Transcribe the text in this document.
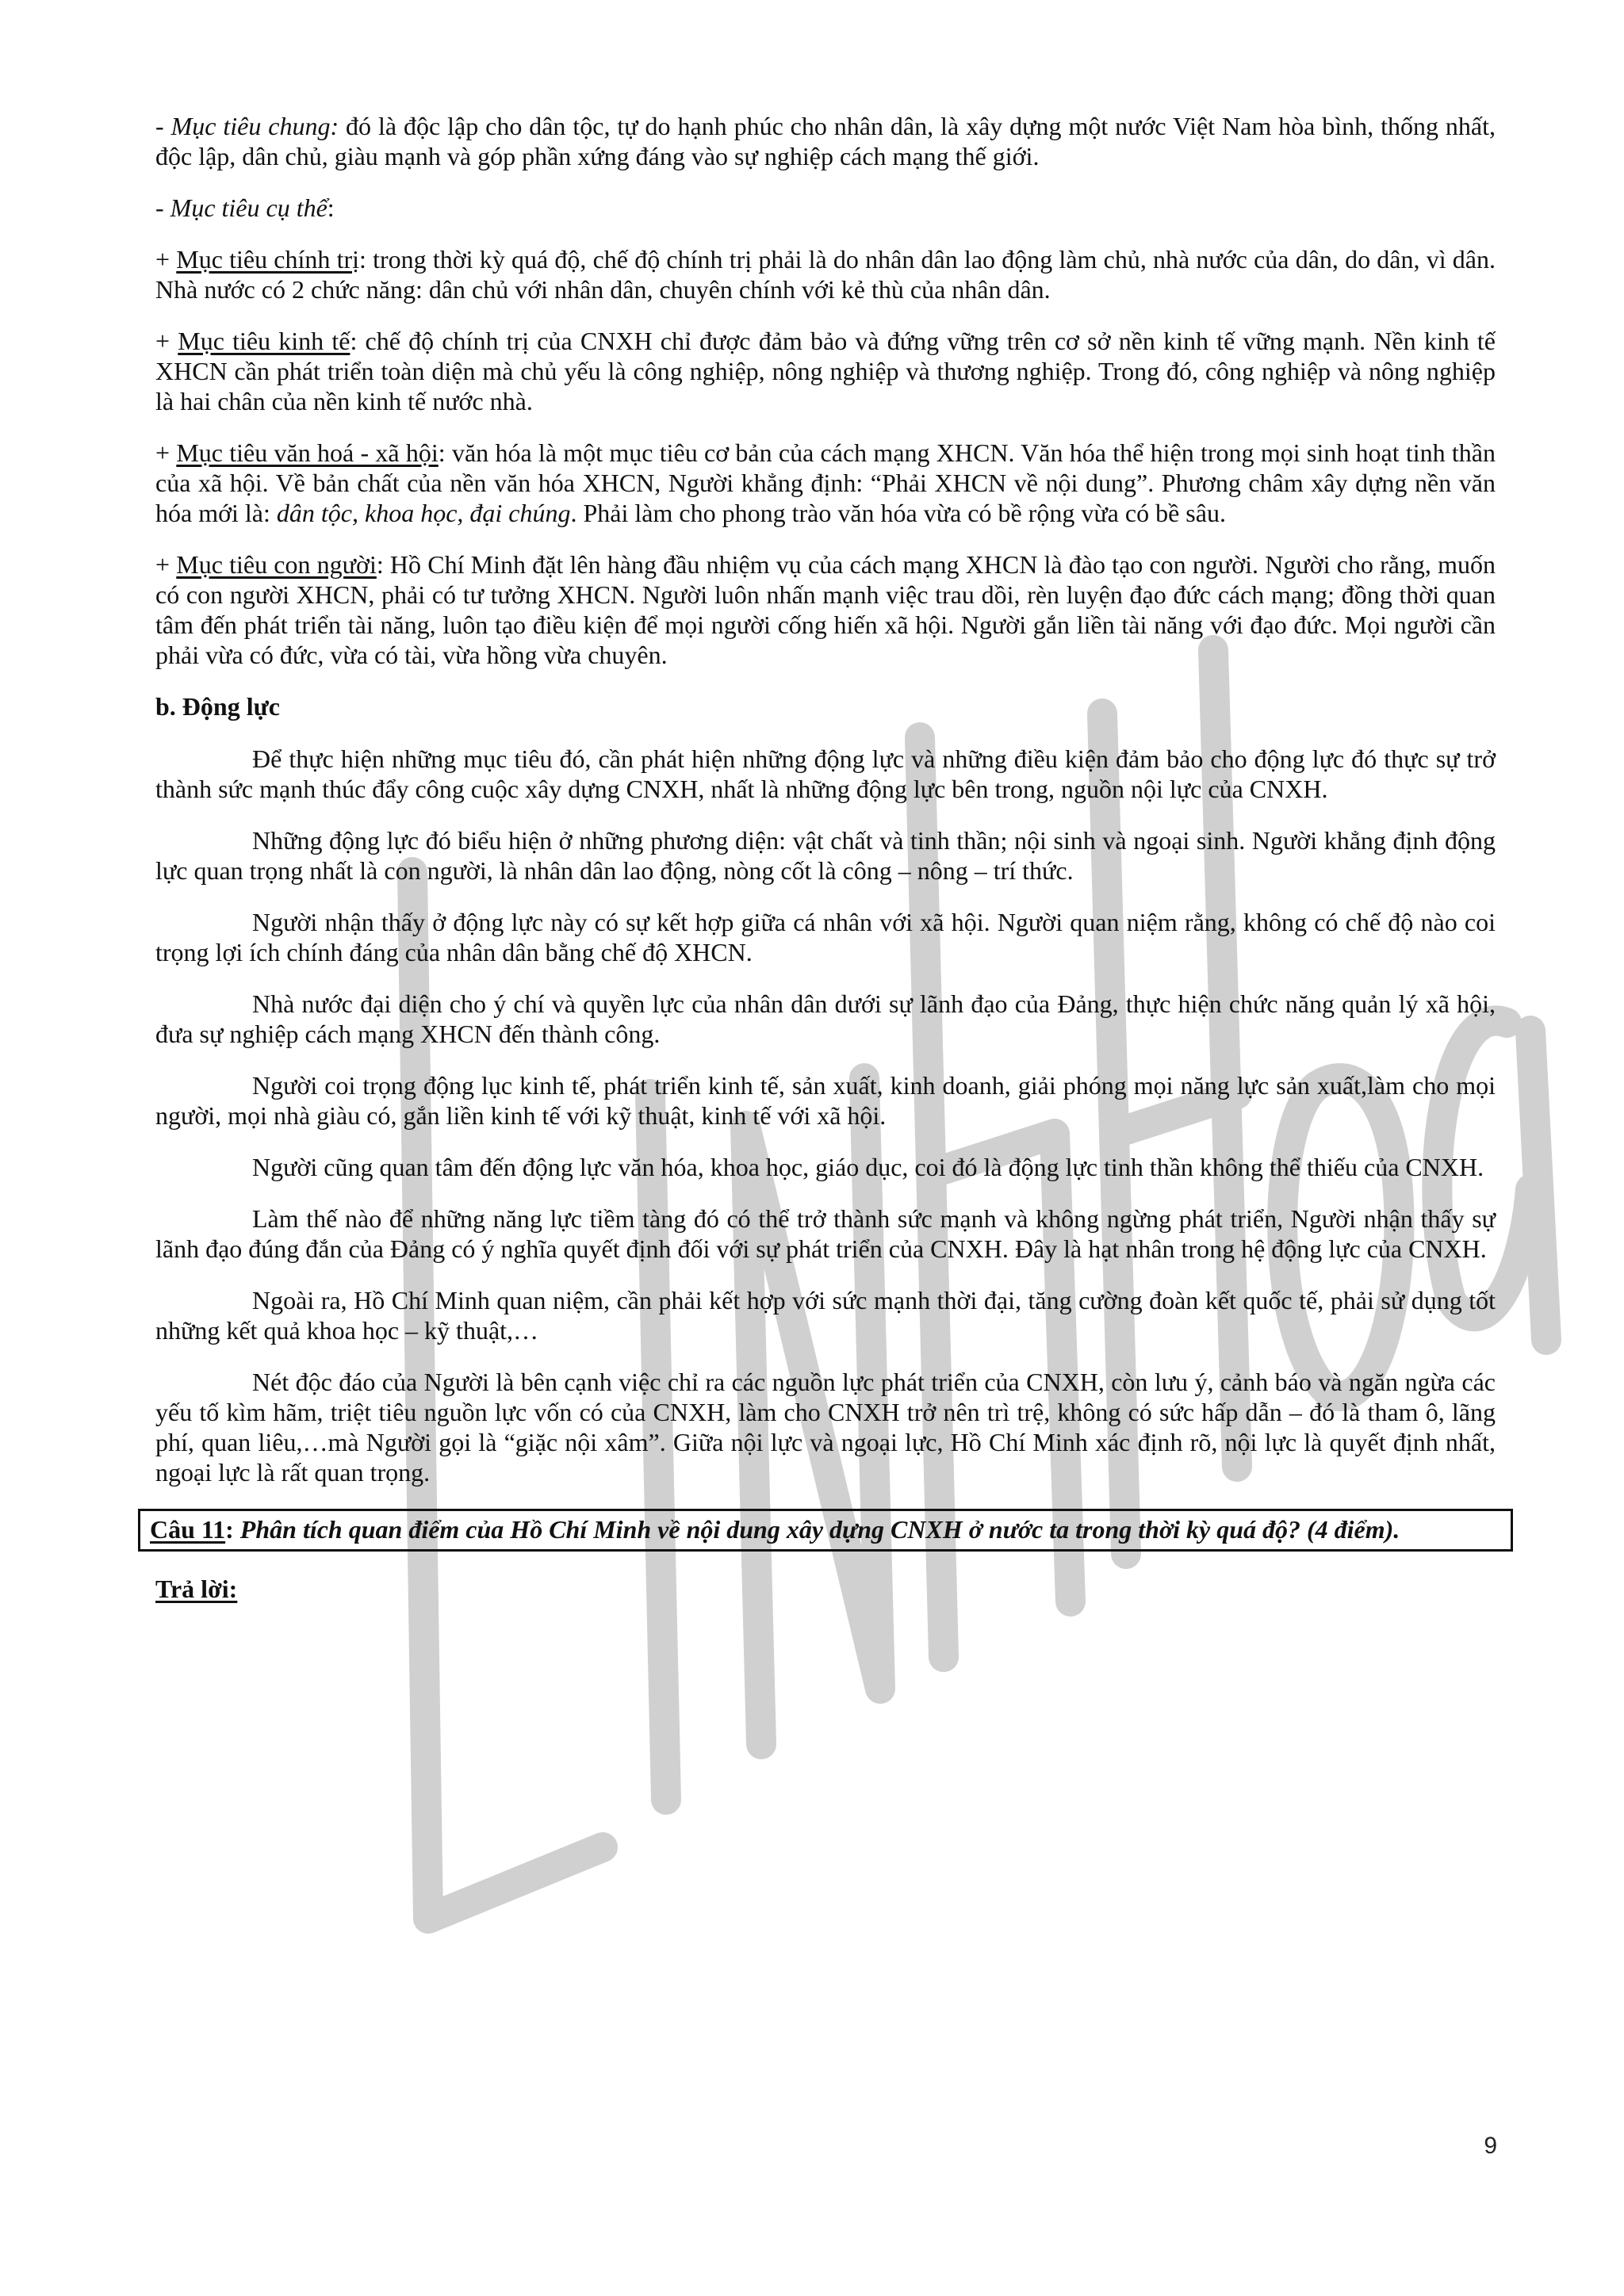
- Mục tiêu chung: đó là độc lập cho dân tộc, tự do hạnh phúc cho nhân dân, là xây dựng một nước Việt Nam hòa bình, thống nhất, độc lập, dân chủ, giàu mạnh và góp phần xứng đáng vào sự nghiệp cách mạng thế giới.

- Mục tiêu cụ thể:

+ Mục tiêu chính trị: trong thời kỳ quá độ, chế độ chính trị phải là do nhân dân lao động làm chủ, nhà nước của dân, do dân, vì dân. Nhà nước có 2 chức năng: dân chủ với nhân dân, chuyên chính với kẻ thù của nhân dân.

+ Mục tiêu kinh tế: chế độ chính trị của CNXH chỉ được đảm bảo và đứng vững trên cơ sở nền kinh tế vững mạnh. Nền kinh tế XHCN cần phát triển toàn diện mà chủ yếu là công nghiệp, nông nghiệp và thương nghiệp. Trong đó, công nghiệp và nông nghiệp là hai chân của nền kinh tế nước nhà.

+ Mục tiêu văn hoá - xã hội: văn hóa là một mục tiêu cơ bản của cách mạng XHCN. Văn hóa thể hiện trong mọi sinh hoạt tinh thần của xã hội. Về bản chất của nền văn hóa XHCN, Người khẳng định: “Phải XHCN về nội dung”. Phương châm xây dựng nền văn hóa mới là: dân tộc, khoa học, đại chúng. Phải làm cho phong trào văn hóa vừa có bề rộng vừa có bề sâu.

+ Mục tiêu con người: Hồ Chí Minh đặt lên hàng đầu nhiệm vụ của cách mạng XHCN là đào tạo con người. Người cho rằng, muốn có con người XHCN, phải có tư tưởng XHCN. Người luôn nhấn mạnh việc trau dồi, rèn luyện đạo đức cách mạng; đồng thời quan tâm đến phát triển tài năng, luôn tạo điều kiện để mọi người cống hiến xã hội. Người gắn liền tài năng với đạo đức. Mọi người cần phải vừa có đức, vừa có tài, vừa hồng vừa chuyên.

b. Động lực

Để thực hiện những mục tiêu đó, cần phát hiện những động lực và những điều kiện đảm bảo cho động lực đó thực sự trở thành sức mạnh thúc đẩy công cuộc xây dựng CNXH, nhất là những động lực bên trong, nguồn nội lực của CNXH.

Những động lực đó biểu hiện ở những phương diện: vật chất và tinh thần; nội sinh và ngoại sinh. Người khẳng định động lực quan trọng nhất là con người, là nhân dân lao động, nòng cốt là công – nông – trí thức.

Người nhận thấy ở động lực này có sự kết hợp giữa cá nhân với xã hội. Người quan niệm rằng, không có chế độ nào coi trọng lợi ích chính đáng của nhân dân bằng chế độ XHCN.

Nhà nước đại diện cho ý chí và quyền lực của nhân dân dưới sự lãnh đạo của Đảng, thực hiện chức năng quản lý xã hội, đưa sự nghiệp cách mạng XHCN đến thành công.

Người coi trọng động lục kinh tế, phát triển kinh tế, sản xuất, kinh doanh, giải phóng mọi năng lực sản xuất,làm cho mọi người, mọi nhà giàu có, gắn liền kinh tế với kỹ thuật, kinh tế với xã hội.

Người cũng quan tâm đến động lực văn hóa, khoa học, giáo dục, coi đó là động lực tinh thần không thể thiếu của CNXH.

Làm thế nào để những năng lực tiềm tàng đó có thể trở thành sức mạnh và không ngừng phát triển, Người nhận thấy sự lãnh đạo đúng đắn của Đảng có ý nghĩa quyết định đối với sự phát triển của CNXH. Đây là hạt nhân trong hệ động lực của CNXH.

Ngoài ra, Hồ Chí Minh quan niệm, cần phải kết hợp với sức mạnh thời đại, tăng cường đoàn kết quốc tế, phải sử dụng tốt những kết quả khoa học – kỹ thuật,…

Nét độc đáo của Người là bên cạnh việc chỉ ra các nguồn lực phát triển của CNXH, còn lưu ý, cảnh báo và ngăn ngừa các yếu tố kìm hãm, triệt tiêu nguồn lực vốn có của CNXH, làm cho CNXH trở nên trì trệ, không có sức hấp dẫn – đó là tham ô, lãng phí, quan liêu,…mà Người gọi là “giặc nội xâm”. Giữa nội lực và ngoại lực, Hồ Chí Minh xác định rõ, nội lực là quyết định nhất, ngoại lực là rất quan trọng.

Câu 11: Phân tích quan điểm của Hồ Chí Minh về nội dung xây dựng CNXH ở nước ta trong thời kỳ quá độ? (4 điểm).
Trả lời:
9
